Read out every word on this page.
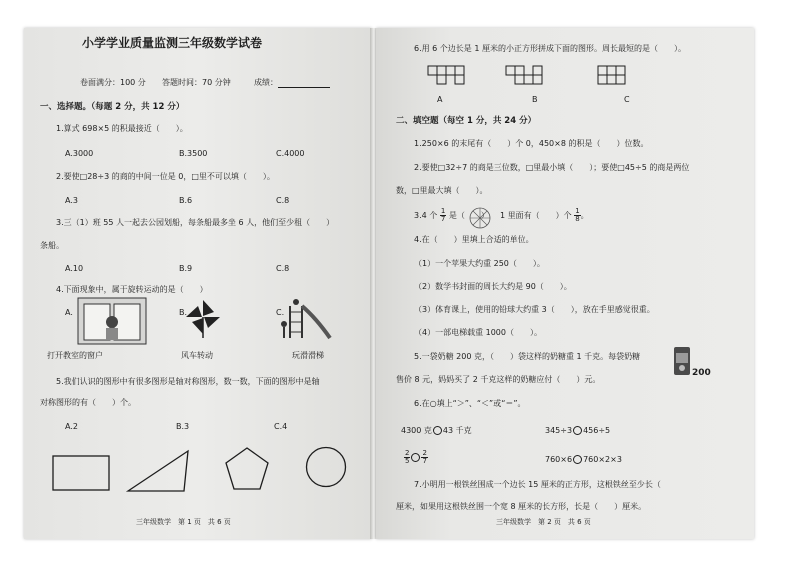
小学学业质量监测三年级数学试卷
卷面满分：100 分 答题时间：70 分钟	成绩：
一、选择题。（每题 2 分，共 12 分）
1.算式 698×5 的积最接近（　　）。
A.3000	B.3500	C.4000
2.要使□28÷3 的商的中间一位是 0，□里不可以填（　　）。
A.3	B.6	C.8
3.三（1）班 55 人一起去公园划船，每条船最多坐 6 人，他们至少租（　　）
条船。
A.10	B.9	C.8
4.下面现象中，属于旋转运动的是（　　）
A.	B.	C.
打开教室的窗户	风车转动	玩滑滑梯
5.我们认识的图形中有很多图形是轴对称图形，数一数，下面的图形中是轴
对称图形的有（　　）个。
A.2	B.3	C.4
三年级数学　第 1 页　共 6 页
6.用 6 个边长是 1 厘米的小正方形拼成下面的图形。周长最短的是（　　）。
A	B	C
二、填空题（每空 1 分，共 24 分）
1.250×6 的末尾有（　　）个 0，450×8 的积是（　　）位数。
2.要使□32÷7 的商是三位数，□里最小填（　　）；要使□45÷5 的商是两位
数，□里最大填（　　）。
3.4 个 $\frac{1}{7}$ 是（　　） 1 里面有（　　）个 $\frac{1}{8}$ 。
4.在（　　）里填上合适的单位。
（1）一个苹果大约重 250（　　）。
（2）数学书封面的周长大约是 90（　　）。
（3）体育课上，使用的铅球大约重 3（　　），放在手里感觉很重。
（4）一部电梯载重 1000（　　）。
5.一袋奶糖 200 克，（　　）袋这样的奶糖重 1 千克。每袋奶糖
售价 8 元，妈妈买了 2 千克这样的奶糖应付（　　）元。
200
6.在○填上“＞”、“＜”或“＝”。
4300 克 43 千克	345÷3 456÷5
$\frac{2}{5} \frac{2}{7}$	760×6 760×2×3
7.小明用一根铁丝围成一个边长 15 厘米的正方形，这根铁丝至少长（
厘米，如果用这根铁丝围一个宽 8 厘米的长方形，长是（　　）厘米。
三年级数学　第 2 页　共 6 页
